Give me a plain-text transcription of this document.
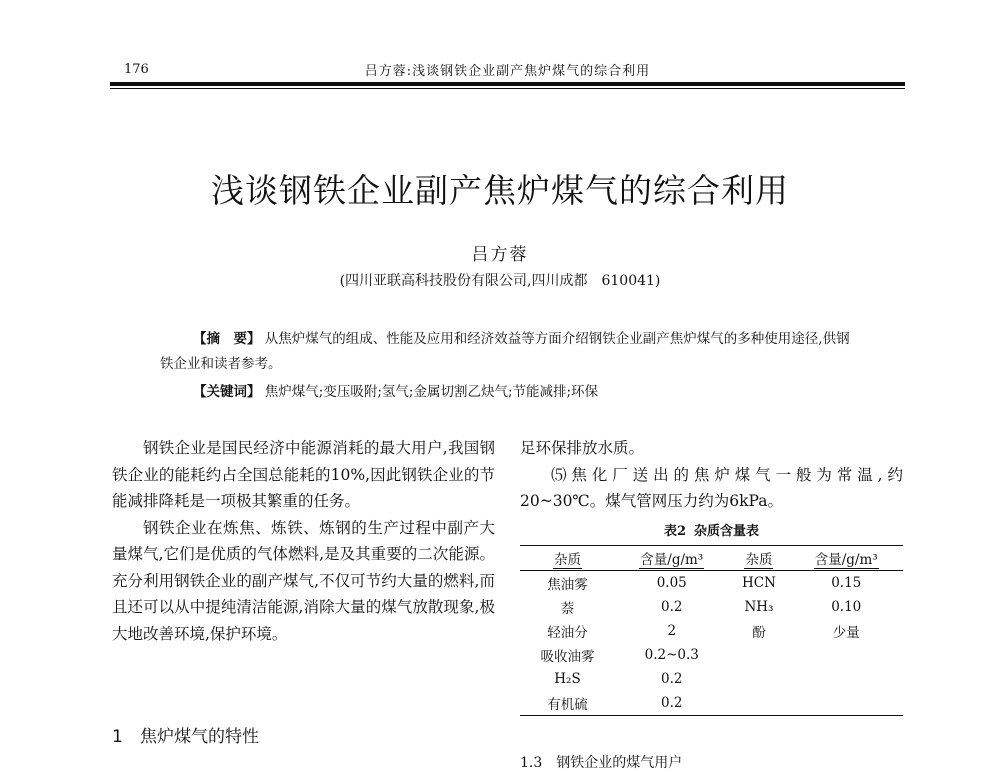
176	吕方蓉:浅谈钢铁企业副产焦炉煤气的综合利用
浅谈钢铁企业副产焦炉煤气的综合利用
吕方蓉
(四川亚联高科技股份有限公司,四川成都　610041)
【摘　要】 从焦炉煤气的组成、性能及应用和经济效益等方面介绍钢铁企业副产焦炉煤气的多种使用途径,供钢铁企业和读者参考。
【关键词】 焦炉煤气;变压吸附;氢气;金属切割乙炔气;节能减排;环保

钢铁企业是国民经济中能源消耗的最大用户,我国钢铁企业的能耗约占全国总能耗的10%,因此钢铁企业的节能减排降耗是一项极其繁重的任务。

钢铁企业在炼焦、炼铁、炼钢的生产过程中副产大量煤气,它们是优质的气体燃料,是及其重要的二次能源。充分利用钢铁企业的副产煤气,不仅可节约大量的燃料,而且还可以从中提纯清洁能源,消除大量的煤气放散现象,极大地改善环境,保护环境。

1 焦炉煤气的特性

足环保排放水质。

⑸焦化厂送出的焦炉煤气一般为常温,约20~30℃。煤气管网压力约为6kPa。

表2 杂质含量表
杂质	含量/g/m³	杂质	含量/g/m³
焦油雾	0.05	HCN	0.15
萘	0.2	NH₃	0.10
轻油分	2	酚	少量
吸收油雾	0.2~0.3		
H₂S	0.2		
有机硫	0.2		
1.3　钢铁企业的煤气用户
